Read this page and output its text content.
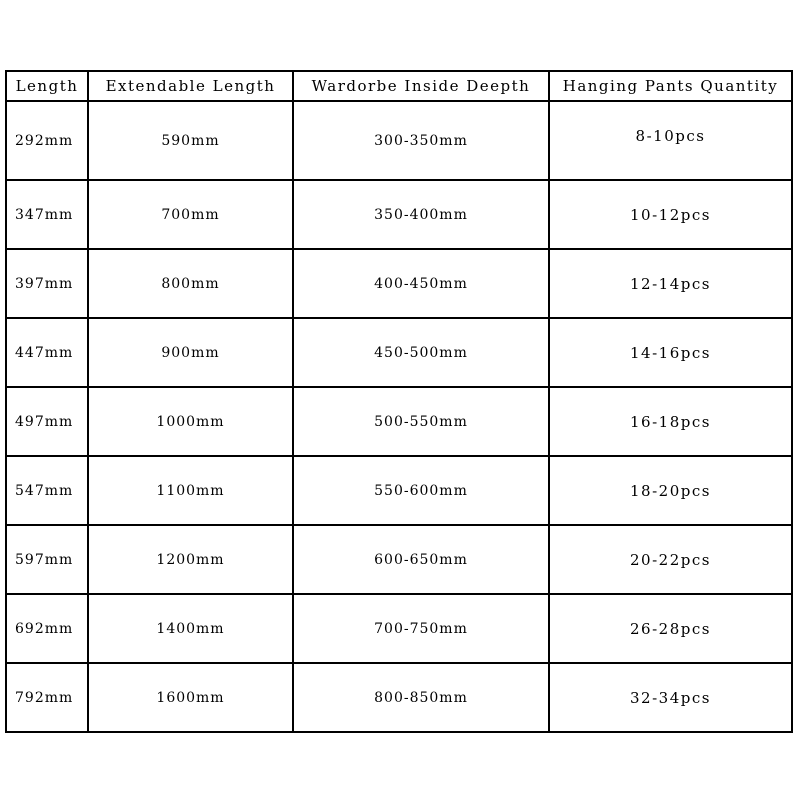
Length	Extendable Length	Wardorbe Inside Deepth	Hanging Pants Quantity
292mm	590mm	300-350mm	8-10pcs
347mm	700mm	350-400mm	10-12pcs
397mm	800mm	400-450mm	12-14pcs
447mm	900mm	450-500mm	14-16pcs
497mm	1000mm	500-550mm	16-18pcs
547mm	1100mm	550-600mm	18-20pcs
597mm	1200mm	600-650mm	20-22pcs
692mm	1400mm	700-750mm	26-28pcs
792mm	1600mm	800-850mm	32-34pcs
